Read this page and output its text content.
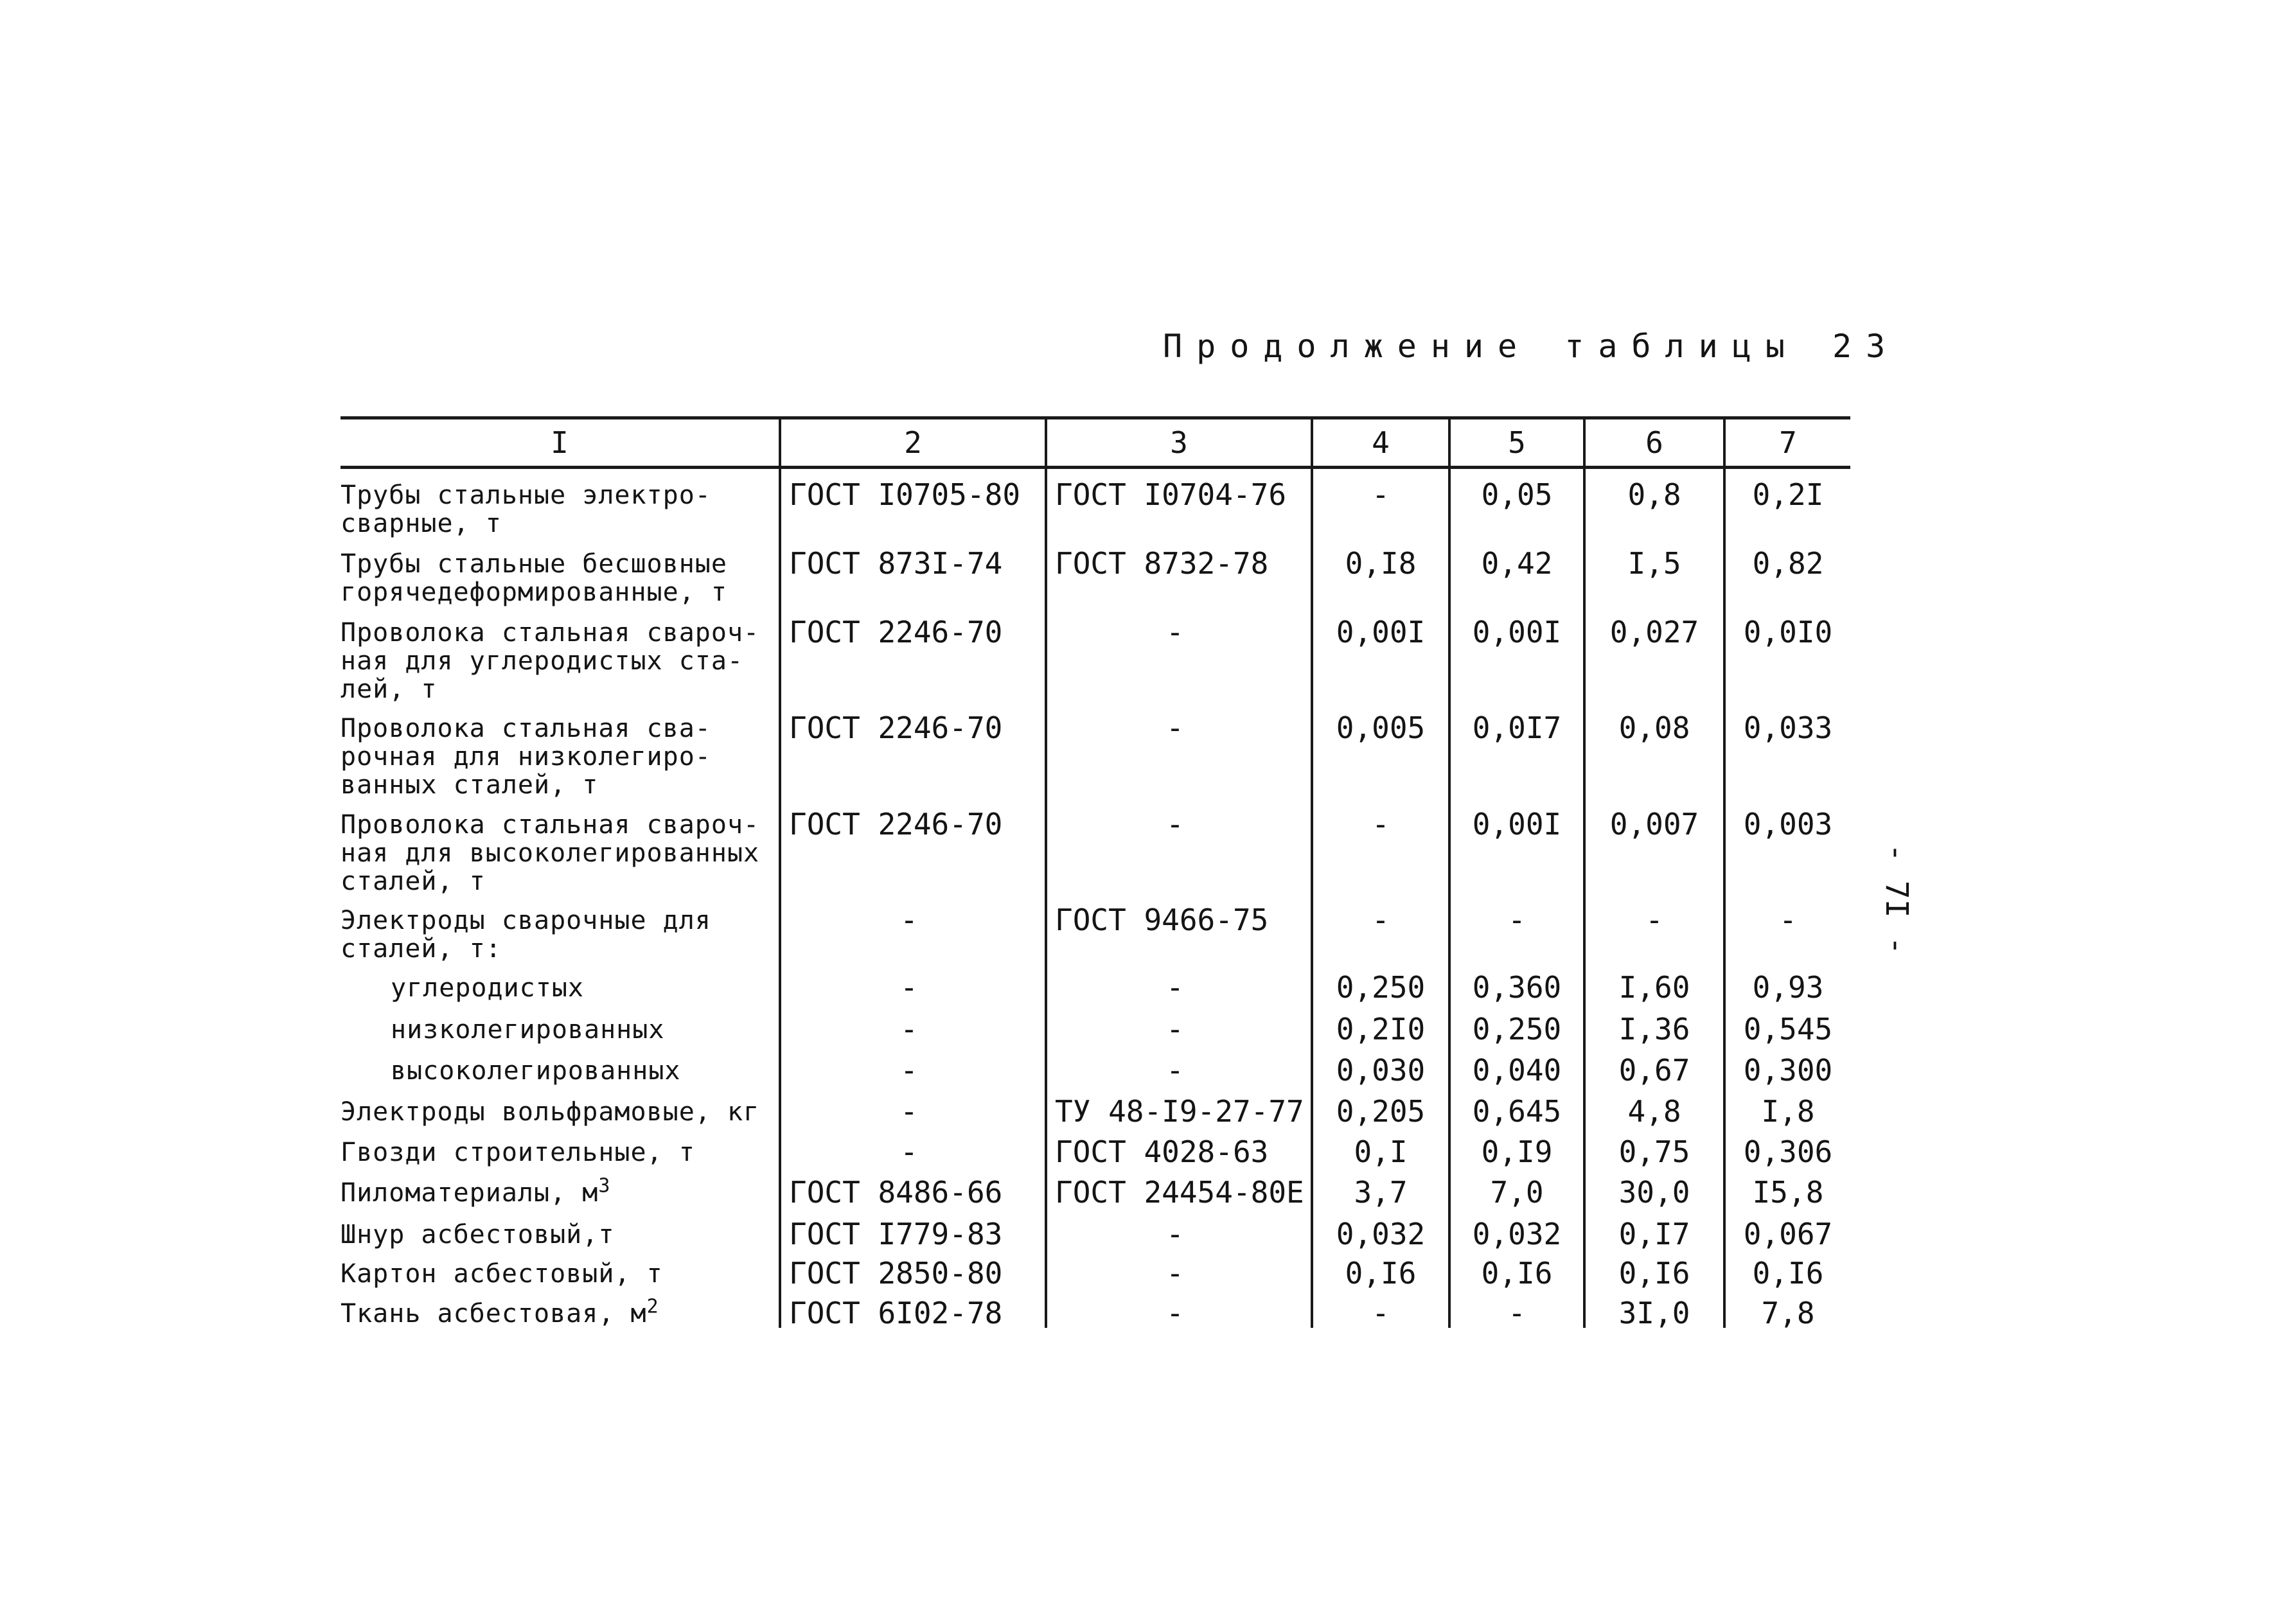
Продолжение таблицы 23
- 7I -
I	2	3	4	5	6	7
Трубы стальные электро-
сварные, т
ГОСТ I0705-80	ГОСТ I0704-76	-	0,05	0,8	0,2I
Трубы стальные бесшовные
горячедеформированные, т
ГОСТ 873I-74	ГОСТ 8732-78	0,I8	0,42	I,5	0,82
Проволока стальная свароч-
ная для углеродистых ста-
лей, т
ГОСТ 2246-70	-	0,00I	0,00I	0,027	0,0I0
Проволока стальная сва-
рочная для низколегиро-
ванных сталей, т
ГОСТ 2246-70	-	0,005	0,0I7	0,08	0,033
Проволока стальная свароч-
ная для высоколегированных
сталей, т
ГОСТ 2246-70	-	-	0,00I	0,007	0,003
Электроды сварочные для
сталей, т:
-	ГОСТ 9466-75	-	-	-	-
углеродистых	-	-	0,250	0,360	I,60	0,93
низколегированных	-	-	0,2I0	0,250	I,36	0,545
высоколегированных	-	-	0,030	0,040	0,67	0,300
Электроды вольфрамовые, кг	-	ТУ 48-I9-27-77	0,205	0,645	4,8	I,8
Гвозди строительные, т	-	ГОСТ 4028-63	0,I	0,I9	0,75	0,306
Пиломатериалы, $м^3$	ГОСТ 8486-66	ГОСТ 24454-80Е	3,7	7,0	30,0	I5,8
Шнур асбестовый,т	ГОСТ I779-83	-	0,032	0,032	0,I7	0,067
Картон асбестовый, т	ГОСТ 2850-80	-	0,I6	0,I6	0,I6	0,I6
Ткань асбестовая, $м^2$	ГОСТ 6I02-78	-	-	-	3I,0	7,8
